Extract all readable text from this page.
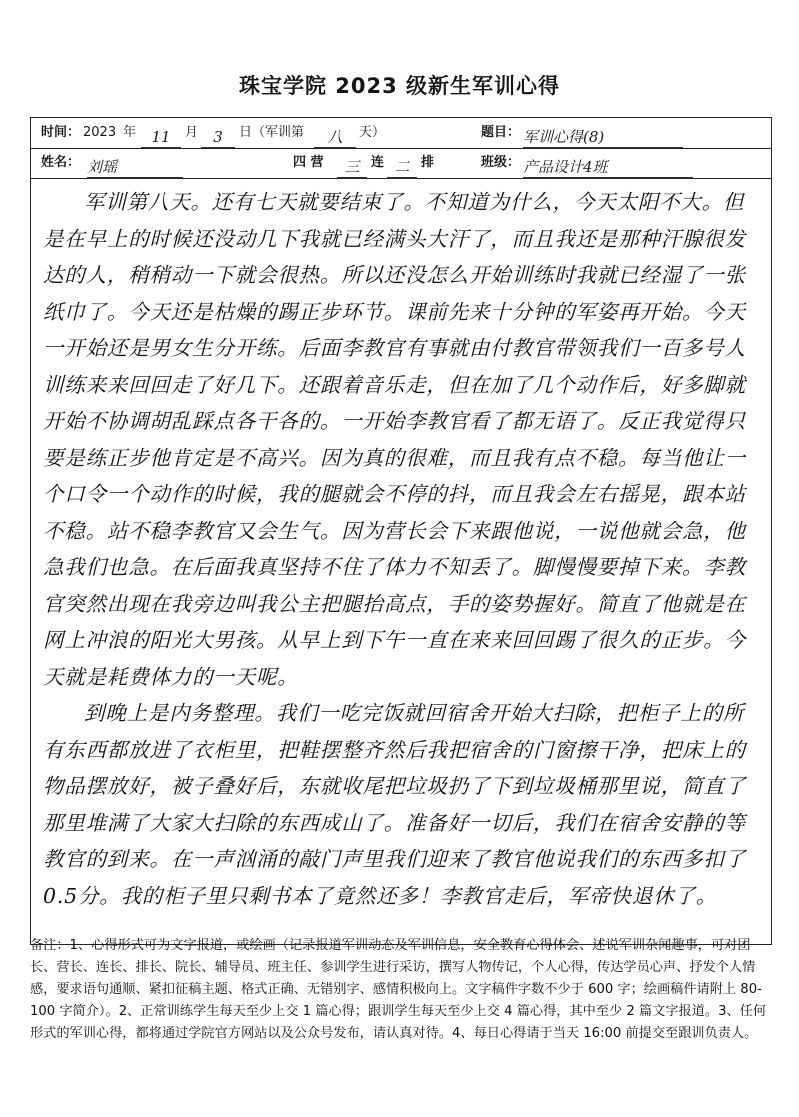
珠宝学院 2023 级新生军训心得
时间： 2023 年	11	月	3	日（军训第	八	天）	题目： 军训心得(8)
姓名： 刘瑶	四 营	三 连 二 排	班级： 产品设计4班

军训第八天。还有七天就要结束了。不知道为什么，今天太阳不大。但是在早上的时候还没动几下我就已经满头大汗了，而且我还是那种汗腺很发达的人，稍稍动一下就会很热。所以还没怎么开始训练时我就已经湿了一张纸巾了。今天还是枯燥的踢正步环节。课前先来十分钟的军姿再开始。今天一开始还是男女生分开练。后面李教官有事就由付教官带领我们一百多号人训练来来回回走了好几下。还跟着音乐走，但在加了几个动作后，好多脚就开始不协调胡乱踩点各干各的。一开始李教官看了都无语了。反正我觉得只要是练正步他肯定是不高兴。因为真的很难，而且我有点不稳。每当他让一个口令一个动作的时候，我的腿就会不停的抖，而且我会左右摇晃，跟本站不稳。站不稳李教官又会生气。因为营长会下来跟他说，一说他就会急，他急我们也急。在后面我真坚持不住了体力不知丢了。脚慢慢要掉下来。李教官突然出现在我旁边叫我公主把腿抬高点，手的姿势握好。简直了他就是在网上冲浪的阳光大男孩。从早上到下午一直在来来回回踢了很久的正步。今天就是耗费体力的一天呢。

到晚上是内务整理。我们一吃完饭就回宿舍开始大扫除，把柜子上的所有东西都放进了衣柜里，把鞋摆整齐然后我把宿舍的门窗擦干净，把床上的物品摆放好，被子叠好后，东就收尾把垃圾扔了下到垃圾桶那里说，简直了那里堆满了大家大扫除的东西成山了。准备好一切后，我们在宿舍安静的等教官的到来。在一声汹涌的敲门声里我们迎来了教官他说我们的东西多扣了0.5分。我的柜子里只剩书本了竟然还多！李教官走后，军帝快退休了。

备注：1、心得形式可为文字报道，或绘画（记录报道军训动态及军训信息，安全教育心得体会、述说军训杂闻趣事，可对团长、营长、连长、排长、院长、辅导员、班主任、参训学生进行采访，撰写人物传记，个人心得，传达学员心声、抒发个人情感，要求语句通顺、紧扣征稿主题、格式正确、无错别字、感情积极向上。文字稿件字数不少于 600 字；绘画稿件请附上 80-100 字简介）。2、正常训练学生每天至少上交 1 篇心得；跟训学生每天至少上交 4 篇心得，其中至少 2 篇文字报道。3、任何形式的军训心得，都将通过学院官方网站以及公众号发布，请认真对待。4、每日心得请于当天 16:00 前提交至跟训负责人。
